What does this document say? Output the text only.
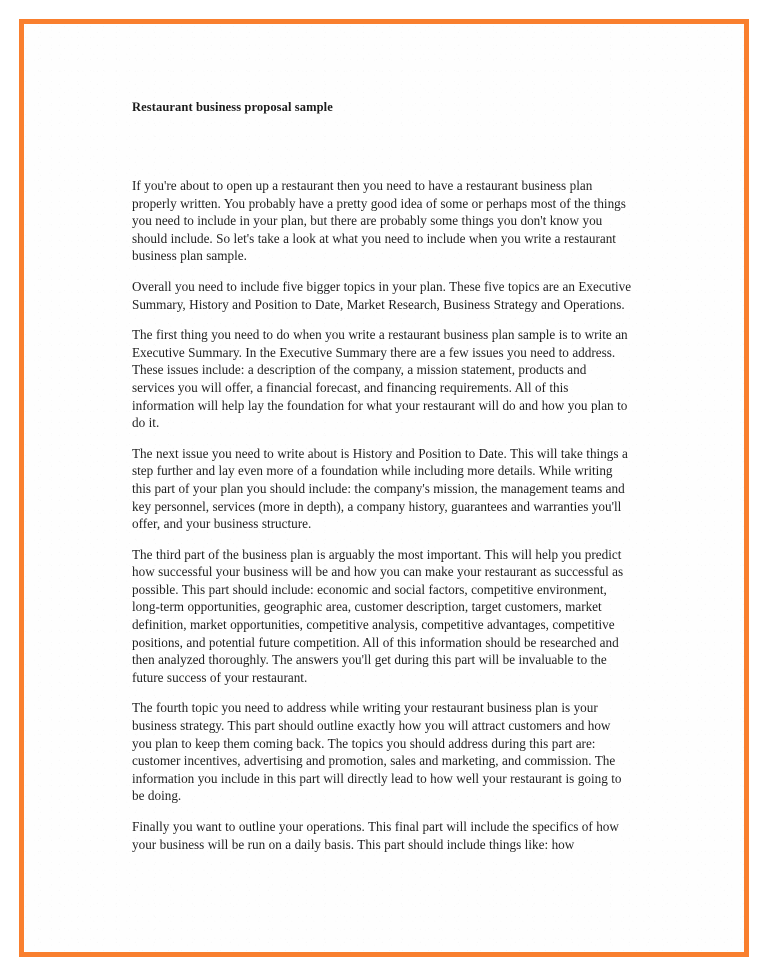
Restaurant business proposal sample

If you're about to open up a restaurant then you need to have a restaurant business plan properly written. You probably have a pretty good idea of some or perhaps most of the things you need to include in your plan, but there are probably some things you don't know you should include. So let's take a look at what you need to include when you write a restaurant business plan sample.

Overall you need to include five bigger topics in your plan. These five topics are an Executive Summary, History and Position to Date, Market Research, Business Strategy and Operations.

The first thing you need to do when you write a restaurant business plan sample is to write an Executive Summary. In the Executive Summary there are a few issues you need to address. These issues include: a description of the company, a mission statement, products and services you will offer, a financial forecast, and financing requirements. All of this information will help lay the foundation for what your restaurant will do and how you plan to do it.

The next issue you need to write about is History and Position to Date. This will take things a step further and lay even more of a foundation while including more details. While writing this part of your plan you should include: the company's mission, the management teams and key personnel, services (more in depth), a company history, guarantees and warranties you'll offer, and your business structure.

The third part of the business plan is arguably the most important. This will help you predict how successful your business will be and how you can make your restaurant as successful as possible. This part should include: economic and social factors, competitive environment, long-term opportunities, geographic area, customer description, target customers, market definition, market opportunities, competitive analysis, competitive advantages, competitive positions, and potential future competition. All of this information should be researched and then analyzed thoroughly. The answers you'll get during this part will be invaluable to the future success of your restaurant.

The fourth topic you need to address while writing your restaurant business plan is your business strategy. This part should outline exactly how you will attract customers and how you plan to keep them coming back. The topics you should address during this part are: customer incentives, advertising and promotion, sales and marketing, and commission. The information you include in this part will directly lead to how well your restaurant is going to be doing.

Finally you want to outline your operations. This final part will include the specifics of how your business will be run on a daily basis. This part should include things like: how
